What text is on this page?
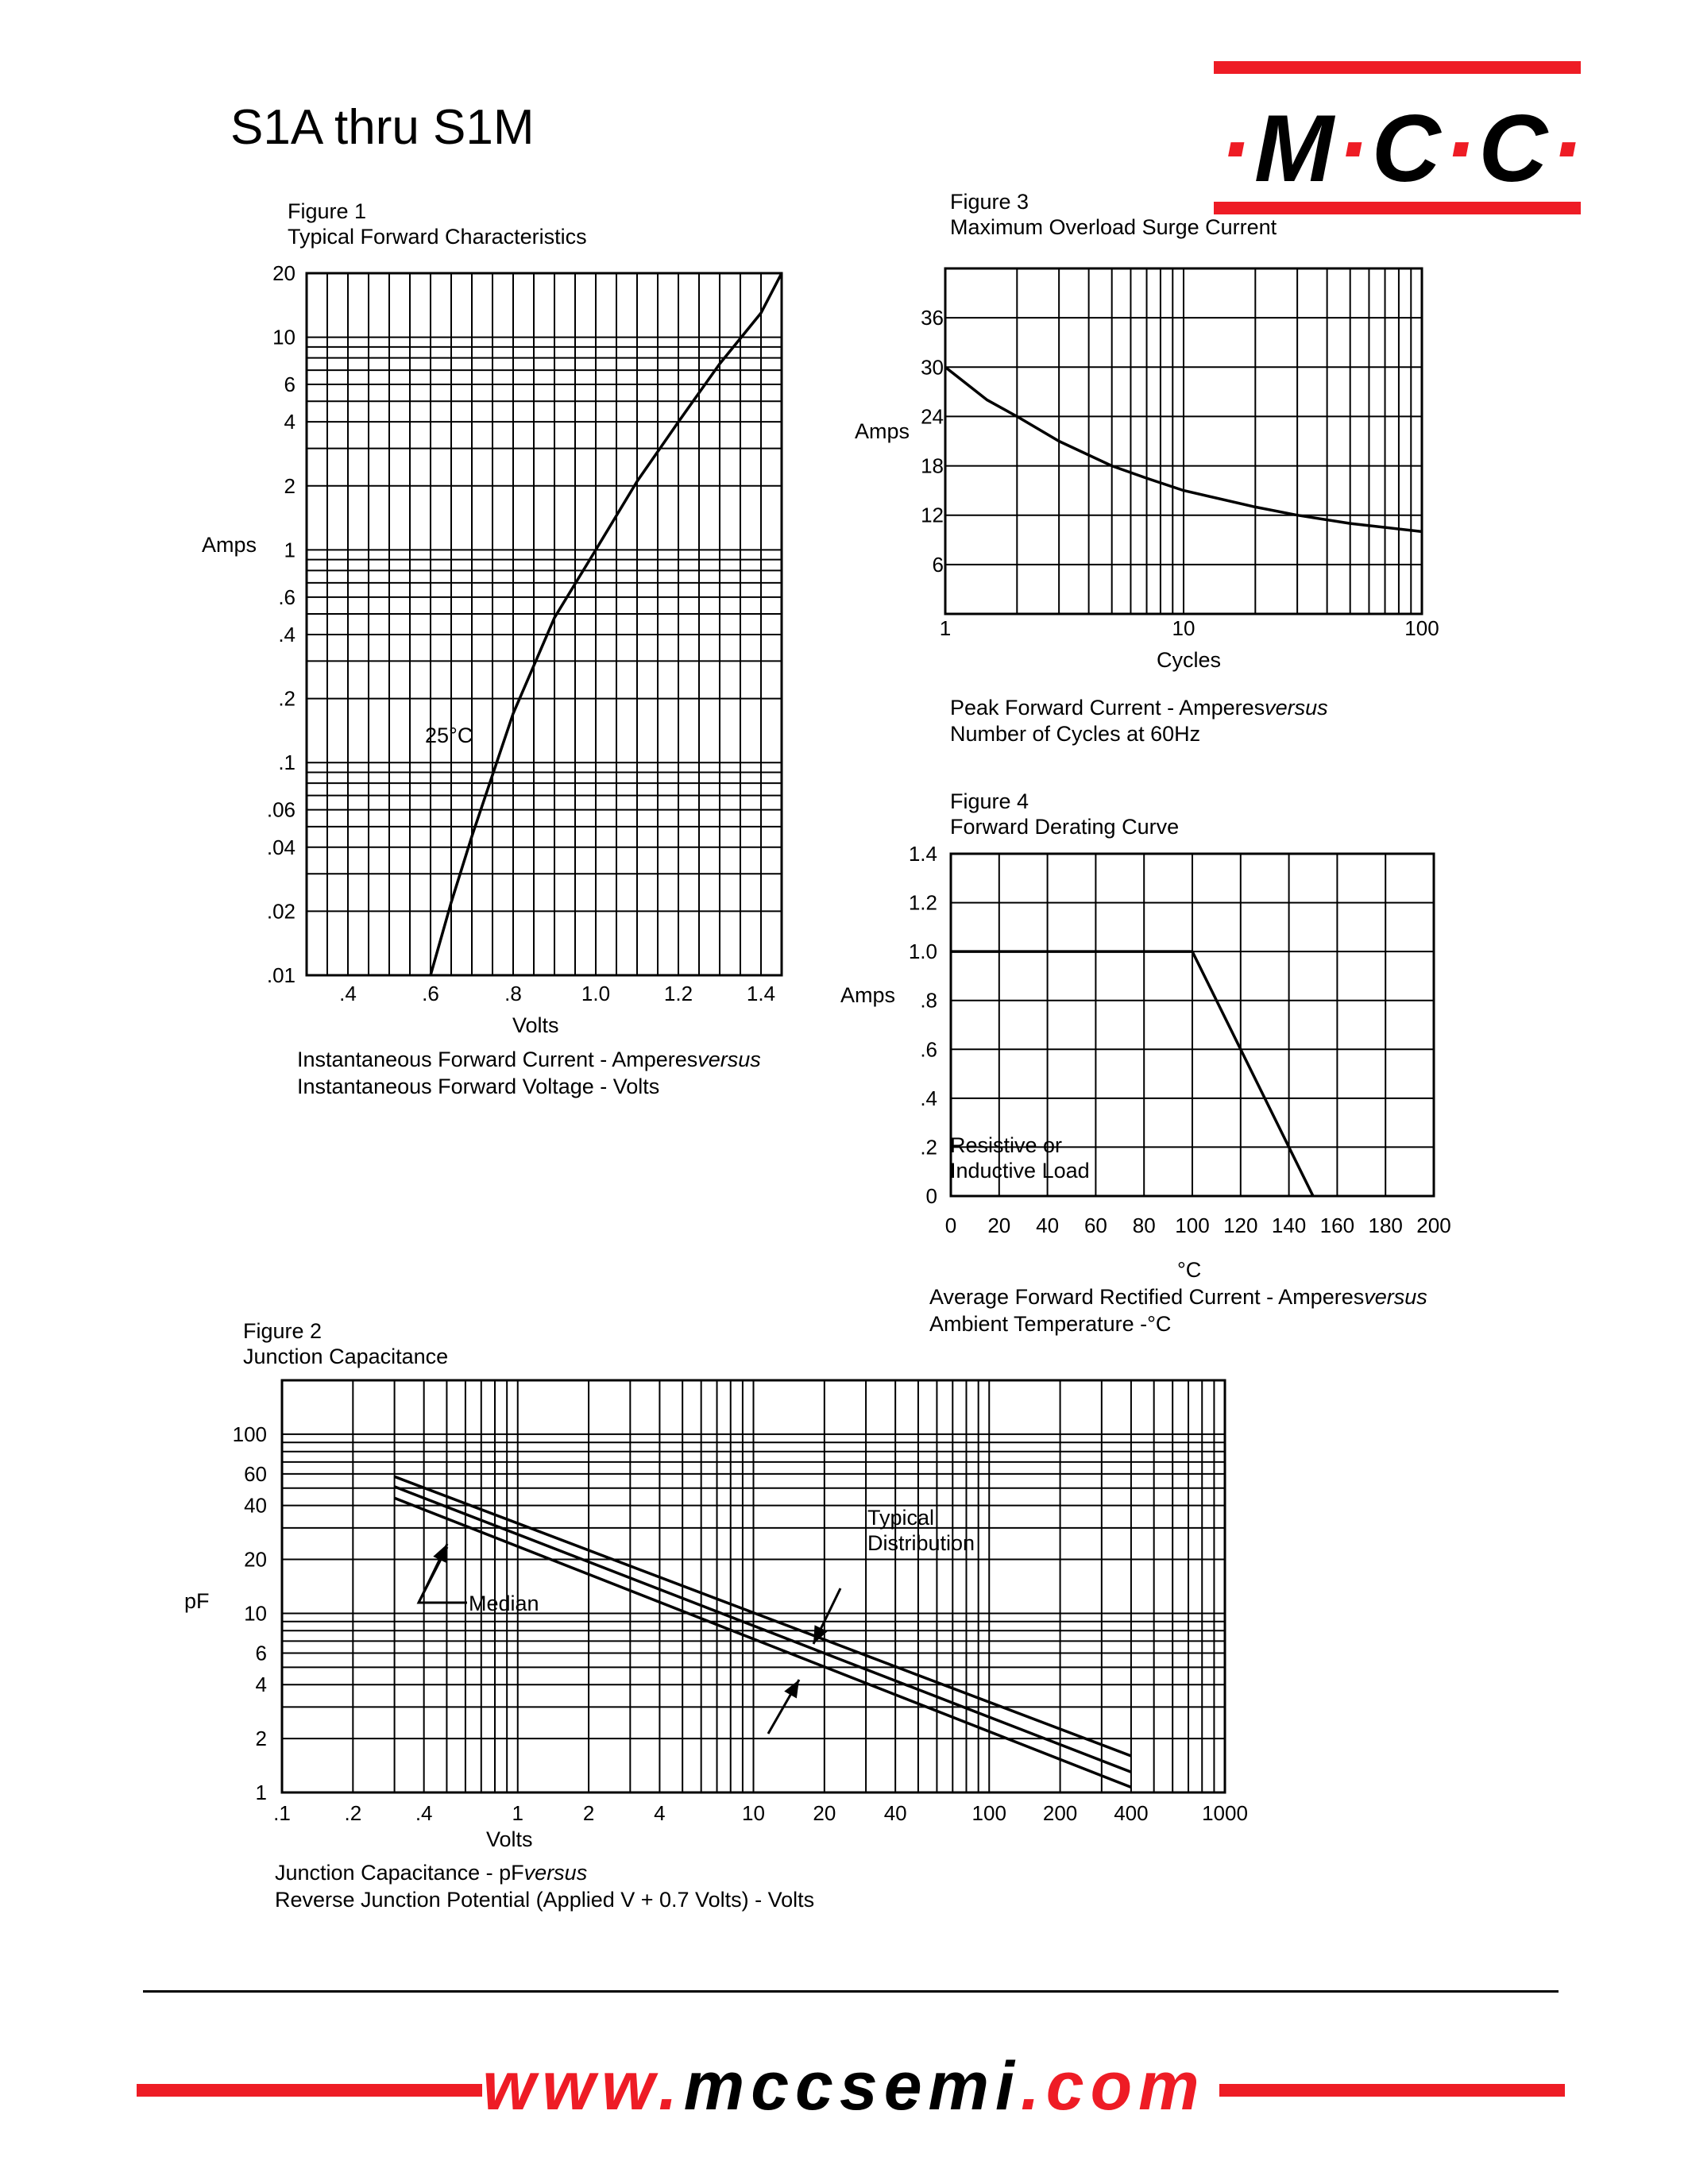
S1A thru S1M	·M·C·C·
Figure 1
Typical Forward Characteristics
Amps
Volts
25°C
Instantaneous Forward Current - Amperesversus
Instantaneous Forward Voltage - Volts
Figure 3
Maximum Overload Surge Current
Amps
Cycles
Peak Forward Current - Amperesversus
Number of Cycles at 60Hz
Figure 4
Forward Derating Curve
Amps
°C
Resistive or
Inductive Load
Average Forward Rectified Current - Amperesversus
Ambient Temperature -°C
Figure 2
Junction Capacitance
pF
Volts
Typical
Distribution
Median
Junction Capacitance - pFversus
Reverse Junction Potential (Applied V + 0.7 Volts) - Volts
.4	.6	.8	1.0	1.2	1.4
20
10
6
4
2
1
.6
.4
.2
.1
.06
.04
.02
.01
.1	.2	.4	1	2	4	10 20 40	100 200 400	1000
100
60
40
20
10
6
4
2
1
1	10	100
36
30
24
18
12
6
0 20 40 60 80 100 120 140 160 180 200
1.4
1.2
1.0
.8
.6
.4
.2
0
www.mccsemi.com
